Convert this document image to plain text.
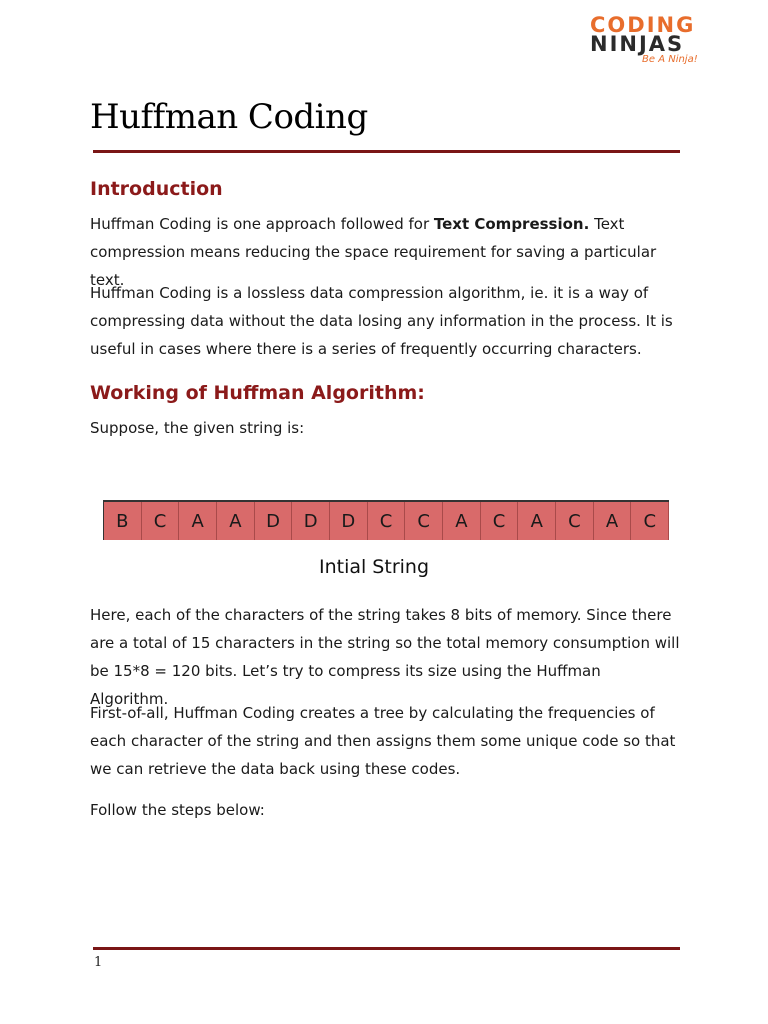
CODING
NINJAS
Be A Ninja!
Huffman Coding
Introduction

Huffman Coding is one approach followed for Text Compression. Text compression means reducing the space requirement for saving a particular text.

Huffman Coding is a lossless data compression algorithm, ie. it is a way of compressing data without the data losing any information in the process. It is useful in cases where there is a series of frequently occurring characters.

Working of Huffman Algorithm:

Suppose, the given string is:

B	C	A	A	D	D	D	C	C	A	C	A	C	A	C
Intial String

Here, each of the characters of the string takes 8 bits of memory. Since there are a total of 15 characters in the string so the total memory consumption will be 15*8 = 120 bits. Let’s try to compress its size using the Huffman Algorithm.

First-of-all, Huffman Coding creates a tree by calculating the frequencies of each character of the string and then assigns them some unique code so that we can retrieve the data back using these codes.

Follow the steps below:

1
